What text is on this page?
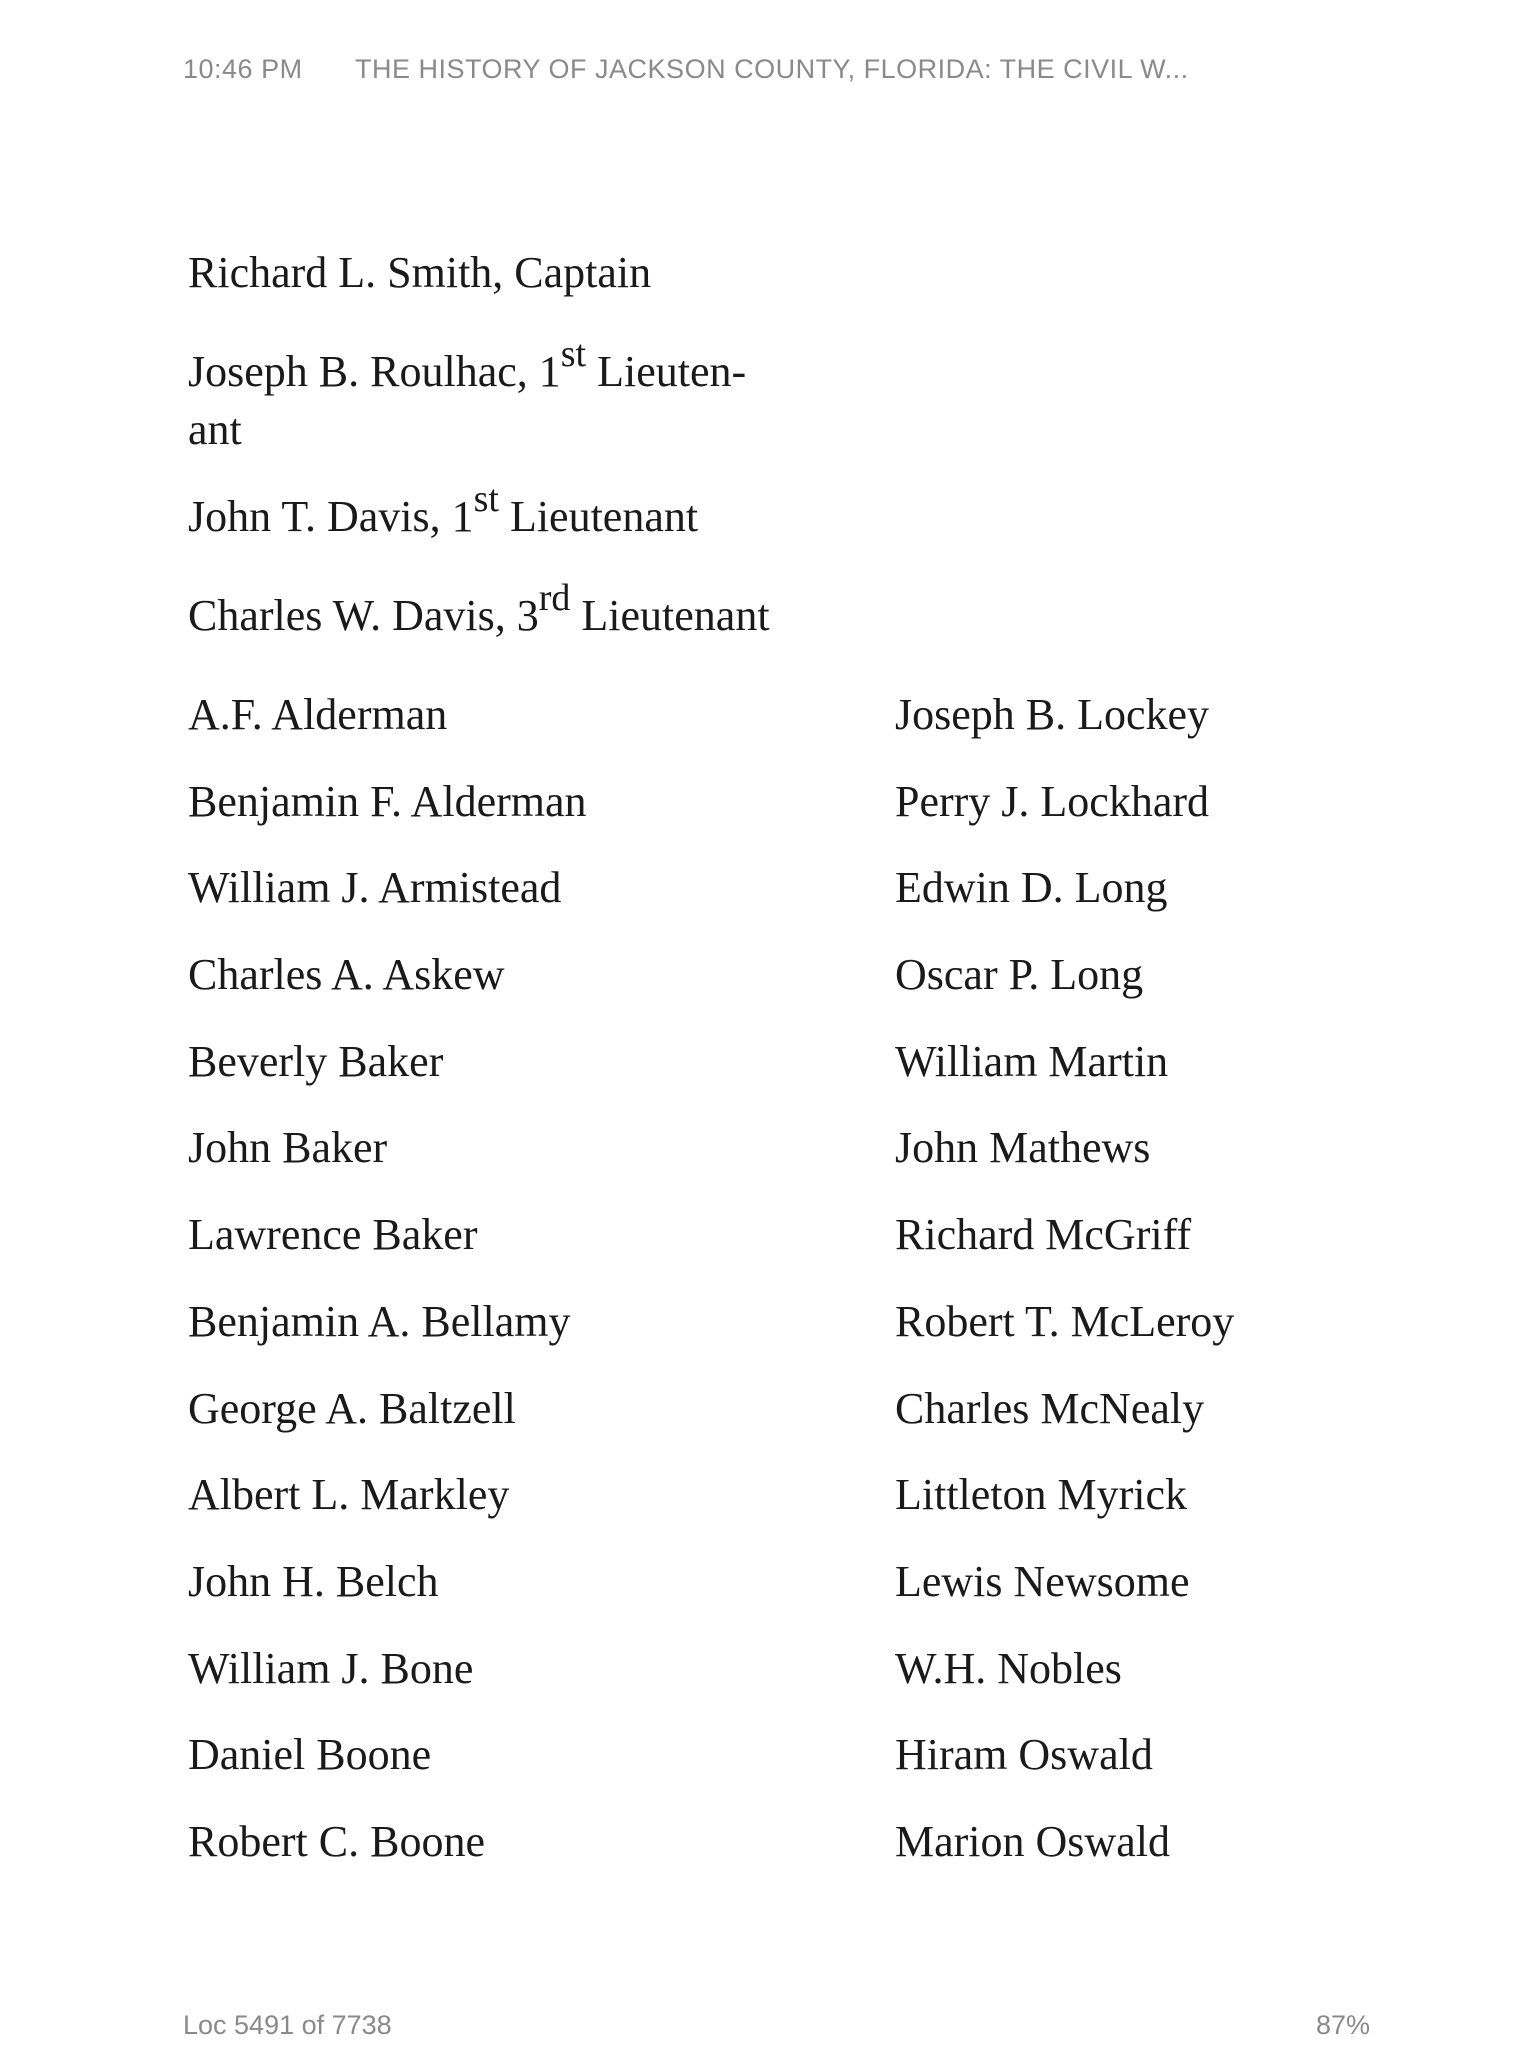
10:46 PM THE HISTORY OF JACKSON COUNTY, FLORIDA: THE CIVIL W...
Richard L. Smith, Captain
Joseph B. Roulhac, 1st Lieuten-
ant
John T. Davis, 1st Lieutenant
Charles W. Davis, 3rd Lieutenant
A.F. Alderman
Benjamin F. Alderman
William J. Armistead
Charles A. Askew
Beverly Baker
John Baker
Lawrence Baker
Benjamin A. Bellamy
George A. Baltzell
Albert L. Markley
John H. Belch
William J. Bone
Daniel Boone
Robert C. Boone
Joseph B. Lockey
Perry J. Lockhard
Edwin D. Long
Oscar P. Long
William Martin
John Mathews
Richard McGriff
Robert T. McLeroy
Charles McNealy
Littleton Myrick
Lewis Newsome
W.H. Nobles
Hiram Oswald
Marion Oswald
Loc 5491 of 7738	87%
